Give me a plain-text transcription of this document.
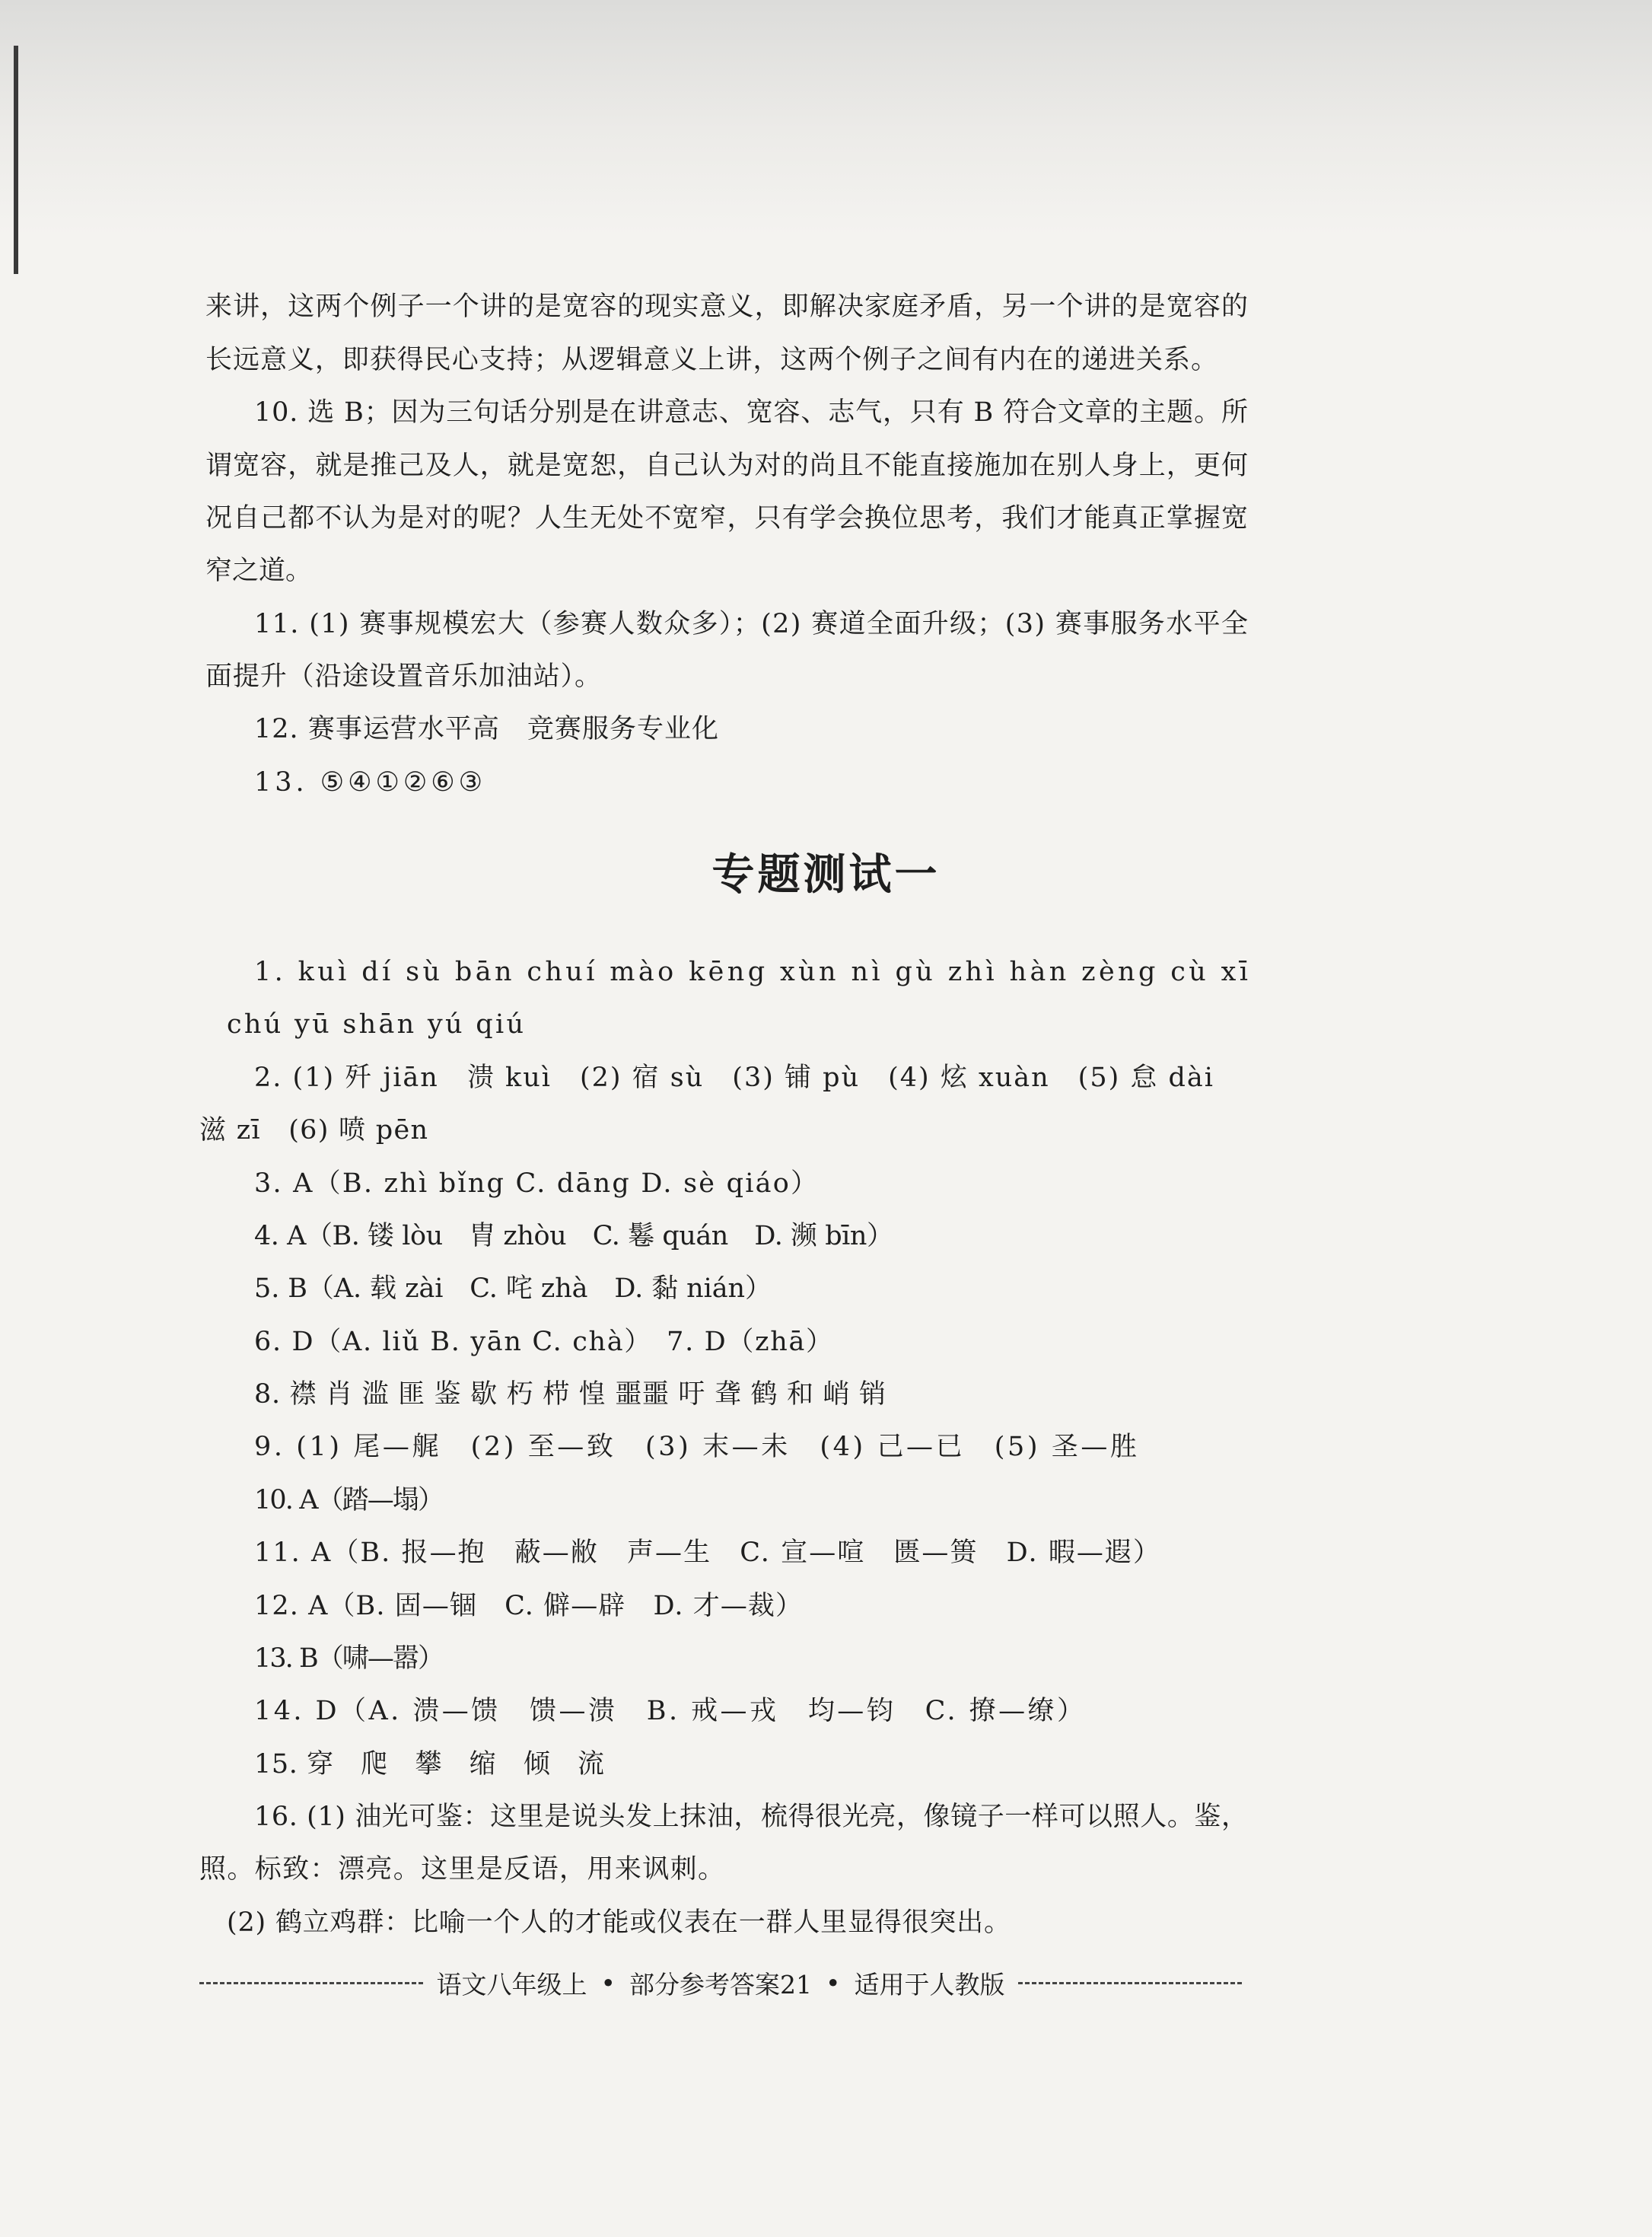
来讲，这两个例子一个讲的是宽容的现实意义，即解决家庭矛盾，另一个讲的是宽容的
长远意义，即获得民心支持；从逻辑意义上讲，这两个例子之间有内在的递进关系。
10. 选 B；因为三句话分别是在讲意志、宽容、志气，只有 B 符合文章的主题。所
谓宽容，就是推己及人，就是宽恕，自己认为对的尚且不能直接施加在别人身上，更何
况自己都不认为是对的呢？人生无处不宽窄，只有学会换位思考，我们才能真正掌握宽
窄之道。
11. (1) 赛事规模宏大（参赛人数众多）；(2) 赛道全面升级；(3) 赛事服务水平全
面提升（沿途设置音乐加油站）。
12. 赛事运营水平高　竞赛服务专业化
13. ⑤④①②⑥③
1. kuì dí sù bān chuí mào kēng xùn nì gù zhì hàn zèng cù xī
chú yū shān yú qiú
2. (1) 歼 jiān　溃 kuì　(2) 宿 sù　(3) 铺 pù　(4) 炫 xuàn　(5) 怠 dài
滋 zī　(6) 喷 pēn
3. A（B. zhì bǐng C. dāng D. sè qiáo）
4. A（B. 镂 lòu　胄 zhòu　C. 鬈 quán　D. 濒 bīn）
5. B（A. 载 zài　C. 咤 zhà　D. 黏 nián）
6. D（A. liǔ B. yān C. chà）　7. D（zhā）
8. 襟 肖 滥 匪 鉴 歇 朽 栉 惶 噩噩 吁 聋 鹤 和 峭 销
9. (1) 尾—艉　(2) 至—致　(3) 末—未　(4) 己—已　(5) 圣—胜
10. A（踏—塌）
11. A（B. 报—抱　蔽—敝　声—生　C. 宣—喧　匮—篑　D. 暇—遐）
12. A（B. 固—锢　C. 僻—辟　D. 才—裁）
13. B（啸—嚣）
14. D（A. 溃—馈　馈—溃　B. 戒—戎　均—钧　C. 撩—缭）
15. 穿　爬　攀　缩　倾　流
16. (1) 油光可鉴：这里是说头发上抹油，梳得很光亮，像镜子一样可以照人。鉴，
照。标致：漂亮。这里是反语，用来讽刺。
(2) 鹤立鸡群：比喻一个人的才能或仪表在一群人里显得很突出。
专题测试一
语文八年级上 • 部分参考答案21 • 适用于人教版
